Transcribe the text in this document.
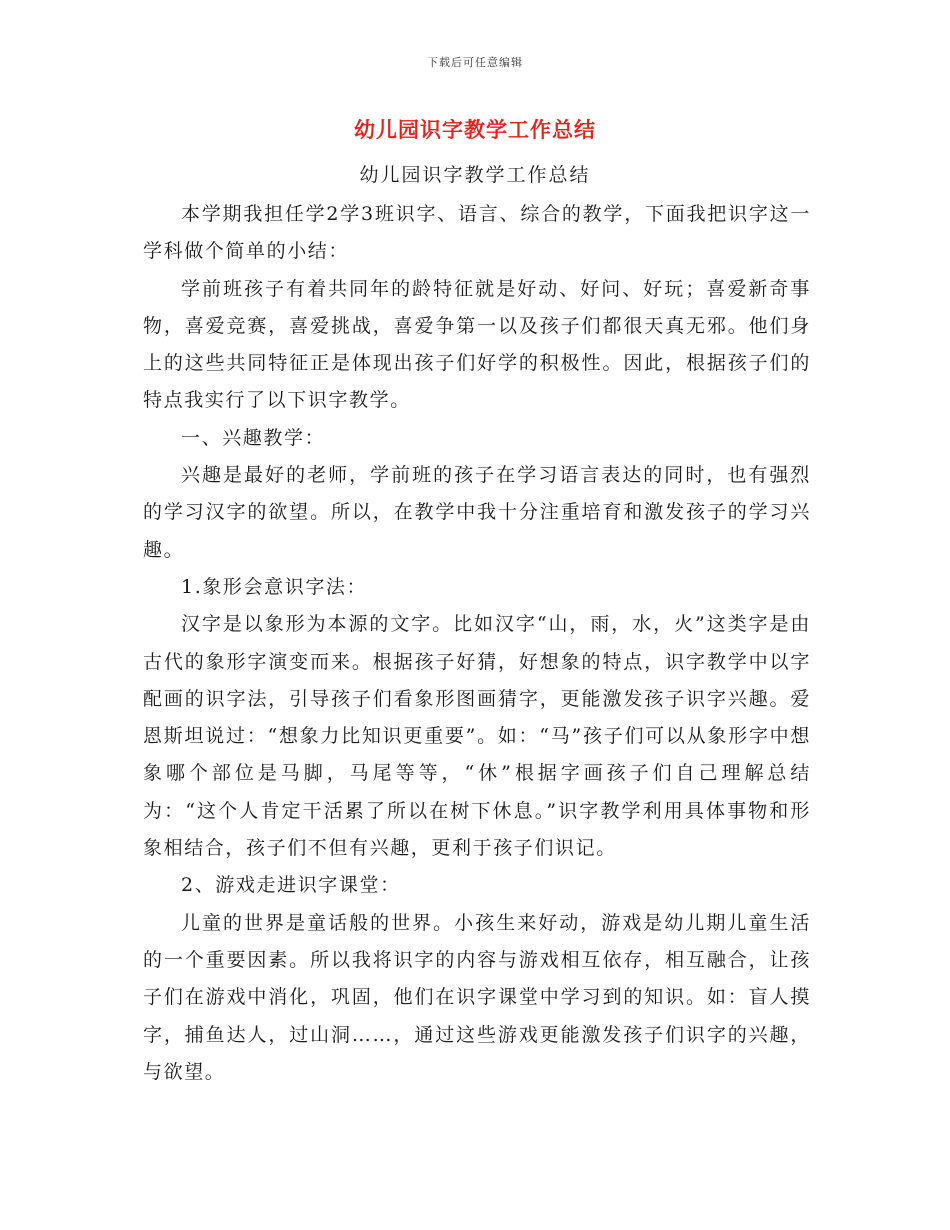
下载后可任意编辑
幼儿园识字教学工作总结
幼儿园识字教学工作总结

本学期我担任学2学3班识字、语言、综合的教学，下面我把识字这一学科做个简单的小结：

学前班孩子有着共同年的龄特征就是好动、好问、好玩；喜爱新奇事物，喜爱竞赛，喜爱挑战，喜爱争第一以及孩子们都很天真无邪。他们身上的这些共同特征正是体现出孩子们好学的积极性。因此，根据孩子们的特点我实行了以下识字教学。

一、兴趣教学：

兴趣是最好的老师，学前班的孩子在学习语言表达的同时，也有强烈的学习汉字的欲望。所以，在教学中我十分注重培育和激发孩子的学习兴趣。

1.象形会意识字法：

汉字是以象形为本源的文字。比如汉字“山，雨，水，火”这类字是由古代的象形字演变而来。根据孩子好猜，好想象的特点，识字教学中以字配画的识字法，引导孩子们看象形图画猜字，更能激发孩子识字兴趣。爱恩斯坦说过：“想象力比知识更重要”。如：“马”孩子们可以从象形字中想象哪个部位是马脚，马尾等等，“休”根据字画孩子们自己理解总结为：“这个人肯定干活累了所以在树下休息。”识字教学利用具体事物和形象相结合，孩子们不但有兴趣，更利于孩子们识记。

2、游戏走进识字课堂：

儿童的世界是童话般的世界。小孩生来好动，游戏是幼儿期儿童生活的一个重要因素。所以我将识字的内容与游戏相互依存，相互融合，让孩子们在游戏中消化，巩固，他们在识字课堂中学习到的知识。如：盲人摸字，捕鱼达人，过山洞……，通过这些游戏更能激发孩子们识字的兴趣，与欲望。
